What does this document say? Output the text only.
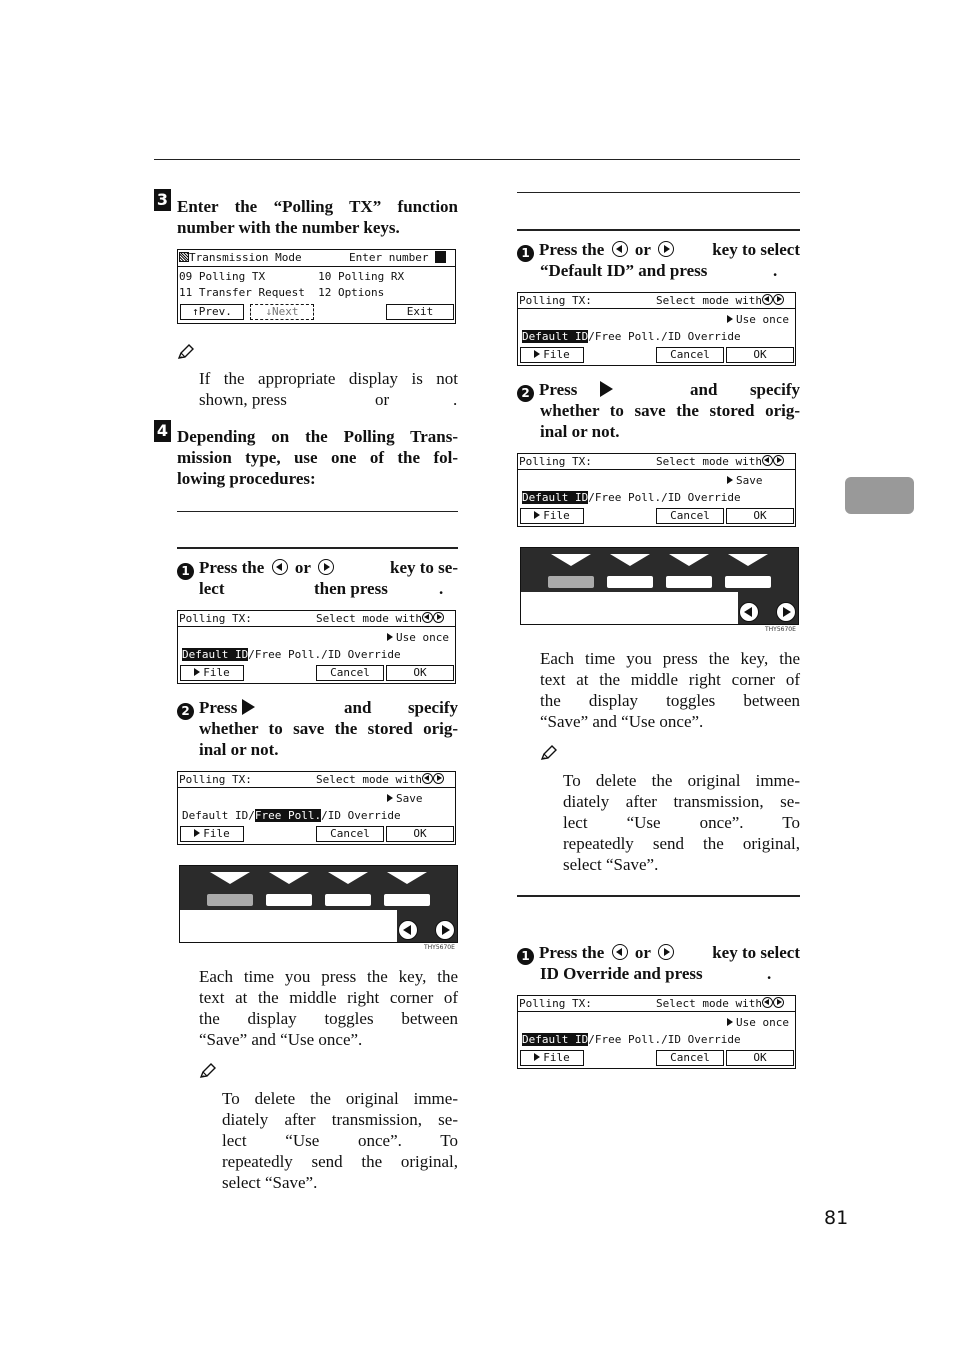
3 Enter the “Polling TX” function
number with the number keys.
Transmission Mode	Enter number
09 Polling TX        10 Polling RX
11 Transfer Request  12 Options
↑Prev.	↓Next	Exit
If the appropriate display is not
shown, press	or	.
4 Depending on the Polling Trans-
mission type, use one of the fol-
lowing procedures:
1 Press the or	key to se-
lect	then press	.
Polling TX:	Select mode with
Use once
Default ID/Free Poll./ID Override
File	Cancel	OK
2 Press	and specify
whether to save the stored orig-
inal or not.
Polling TX:	Select mode with
Save
Default ID/Free Poll./ID Override
File	Cancel	OK
THY5670E
Each time you press the key, the
text at the middle right corner of
the display toggles between
“Save” and “Use once”.
To delete the original imme-
diately after transmission, se-
lect “Use once”. To
repeatedly send the original,
select “Save”.
1 Press the or	key to select
“Default ID” and press	.
Polling TX:	Select mode with
Use once
Default ID/Free Poll./ID Override
File	Cancel	OK
2 Press	and specify
whether to save the stored orig-
inal or not.
Polling TX:	Select mode with
Save
Default ID/Free Poll./ID Override
File	Cancel	OK
THY5670E
Each time you press the key, the
text at the middle right corner of
the display toggles between
“Save” and “Use once”.
To delete the original imme-
diately after transmission, se-
lect “Use once”. To
repeatedly send the original,
select “Save”.
1 Press the or	key to select
ID Override and press	.
Polling TX:	Select mode with
Use once
Default ID/Free Poll./ID Override
File	Cancel	OK
81
